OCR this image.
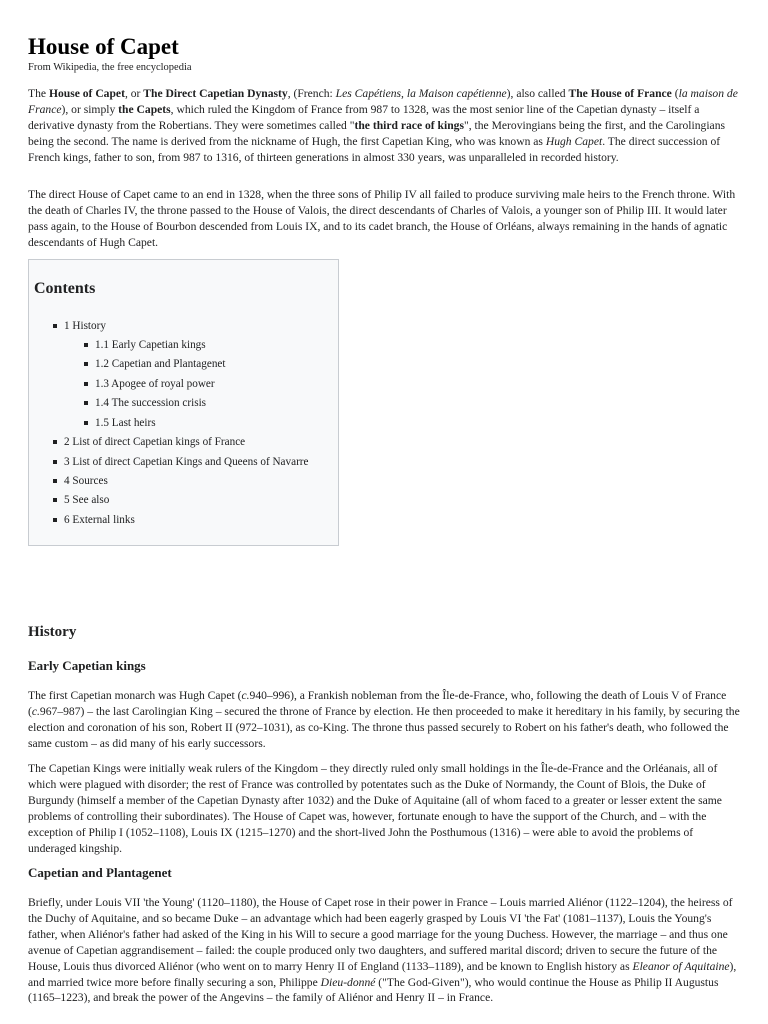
House of Capet
From Wikipedia, the free encyclopedia

The House of Capet, or The Direct Capetian Dynasty, (French: Les Capétiens, la Maison capétienne), also called The House of France (la maison de France), or simply the Capets, which ruled the Kingdom of France from 987 to 1328, was the most senior line of the Capetian dynasty – itself a derivative dynasty from the Robertians. They were sometimes called "the third race of kings", the Merovingians being the first, and the Carolingians being the second. The name is derived from the nickname of Hugh, the first Capetian King, who was known as Hugh Capet. The direct succession of French kings, father to son, from 987 to 1316, of thirteen generations in almost 330 years, was unparalleled in recorded history.

The direct House of Capet came to an end in 1328, when the three sons of Philip IV all failed to produce surviving male heirs to the French throne. With the death of Charles IV, the throne passed to the House of Valois, the direct descendants of Charles of Valois, a younger son of Philip III. It would later pass again, to the House of Bourbon descended from Louis IX, and to its cadet branch, the House of Orléans, always remaining in the hands of agnatic descendants of Hugh Capet.

Contents
1 History
1.1 Early Capetian kings
1.2 Capetian and Plantagenet
1.3 Apogee of royal power
1.4 The succession crisis
1.5 Last heirs
2 List of direct Capetian kings of France
3 List of direct Capetian Kings and Queens of Navarre
4 Sources
5 See also
6 External links
History
Early Capetian kings

The first Capetian monarch was Hugh Capet (c.940–996), a Frankish nobleman from the Île-de-France, who, following the death of Louis V of France (c.967–987) – the last Carolingian King – secured the throne of France by election. He then proceeded to make it hereditary in his family, by securing the election and coronation of his son, Robert II (972–1031), as co-King. The throne thus passed securely to Robert on his father's death, who followed the same custom – as did many of his early successors.

The Capetian Kings were initially weak rulers of the Kingdom – they directly ruled only small holdings in the Île-de-France and the Orléanais, all of which were plagued with disorder; the rest of France was controlled by potentates such as the Duke of Normandy, the Count of Blois, the Duke of Burgundy (himself a member of the Capetian Dynasty after 1032) and the Duke of Aquitaine (all of whom faced to a greater or lesser extent the same problems of controlling their subordinates). The House of Capet was, however, fortunate enough to have the support of the Church, and – with the exception of Philip I (1052–1108), Louis IX (1215–1270) and the short-lived John the Posthumous (1316) – were able to avoid the problems of underaged kingship.

Capetian and Plantagenet

Briefly, under Louis VII 'the Young' (1120–1180), the House of Capet rose in their power in France – Louis married Aliénor (1122–1204), the heiress of the Duchy of Aquitaine, and so became Duke – an advantage which had been eagerly grasped by Louis VI 'the Fat' (1081–1137), Louis the Young's father, when Aliénor's father had asked of the King in his Will to secure a good marriage for the young Duchess. However, the marriage – and thus one avenue of Capetian aggrandisement – failed: the couple produced only two daughters, and suffered marital discord; driven to secure the future of the House, Louis thus divorced Aliénor (who went on to marry Henry II of England (1133–1189), and be known to English history as Eleanor of Aquitaine), and married twice more before finally securing a son, Philippe Dieu-donné ("The God-Given"), who would continue the House as Philip II Augustus (1165–1223), and break the power of the Angevins – the family of Aliénor and Henry II – in France.
